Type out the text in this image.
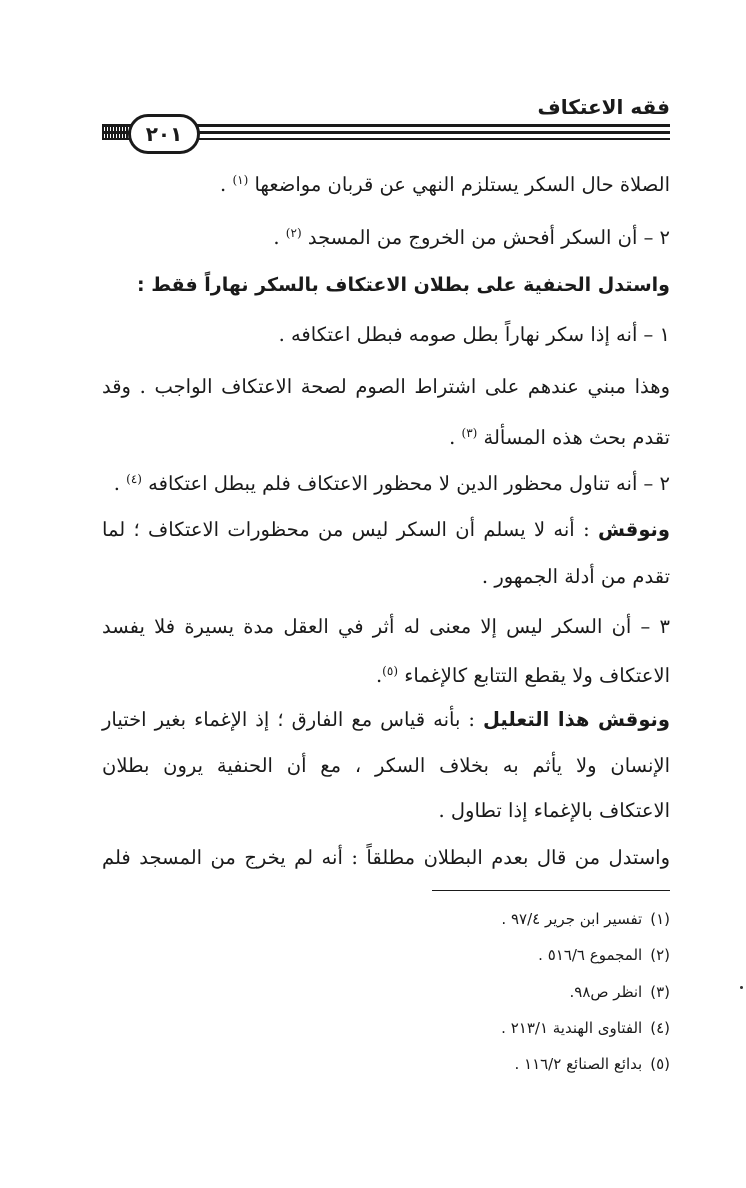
فقه الاعتكاف
٢٠١
الصلاة حال السكر يستلزم النهي عن قربان مواضعها $^{(١)}$ .
٢ – أن السكر أفحش من الخروج من المسجد $^{(٢)}$ .
واستدل الحنفية على بطلان الاعتكاف بالسكر نهاراً فقط :
١ – أنه إذا سكر نهاراً بطل صومه فبطل اعتكافه .
وهذا مبني عندهم على اشتراط الصوم لصحة الاعتكاف الواجب . وقد
تقدم بحث هذه المسألة $^{(٣)}$ .
٢ – أنه تناول محظور الدين لا محظور الاعتكاف فلم يبطل اعتكافه $^{(٤)}$ .
ونوقش : أنه لا يسلم أن السكر ليس من محظورات الاعتكاف ؛ لما
تقدم من أدلة الجمهور .
٣ – أن السكر ليس إلا معنى له أثر في العقل مدة يسيرة فلا يفسد
الاعتكاف ولا يقطع التتابع كالإغماء $^{(٥)}$.
ونوقش هذا التعليل : بأنه قياس مع الفارق ؛ إذ الإغماء بغير اختيار
الإنسان ولا يأثم به بخلاف السكر ، مع أن الحنفية يرون بطلان
الاعتكاف بالإغماء إذا تطاول .
واستدل من قال بعدم البطلان مطلقاً : أنه لم يخرج من المسجد فلم
(١)تفسير ابن جرير ٩٧/٤ .
(٢)المجموع ٥١٦/٦ .
(٣)انظر ص٩٨.
(٤)الفتاوى الهندية ٢١٣/١ .
(٥)بدائع الصنائع ١١٦/٢ .
